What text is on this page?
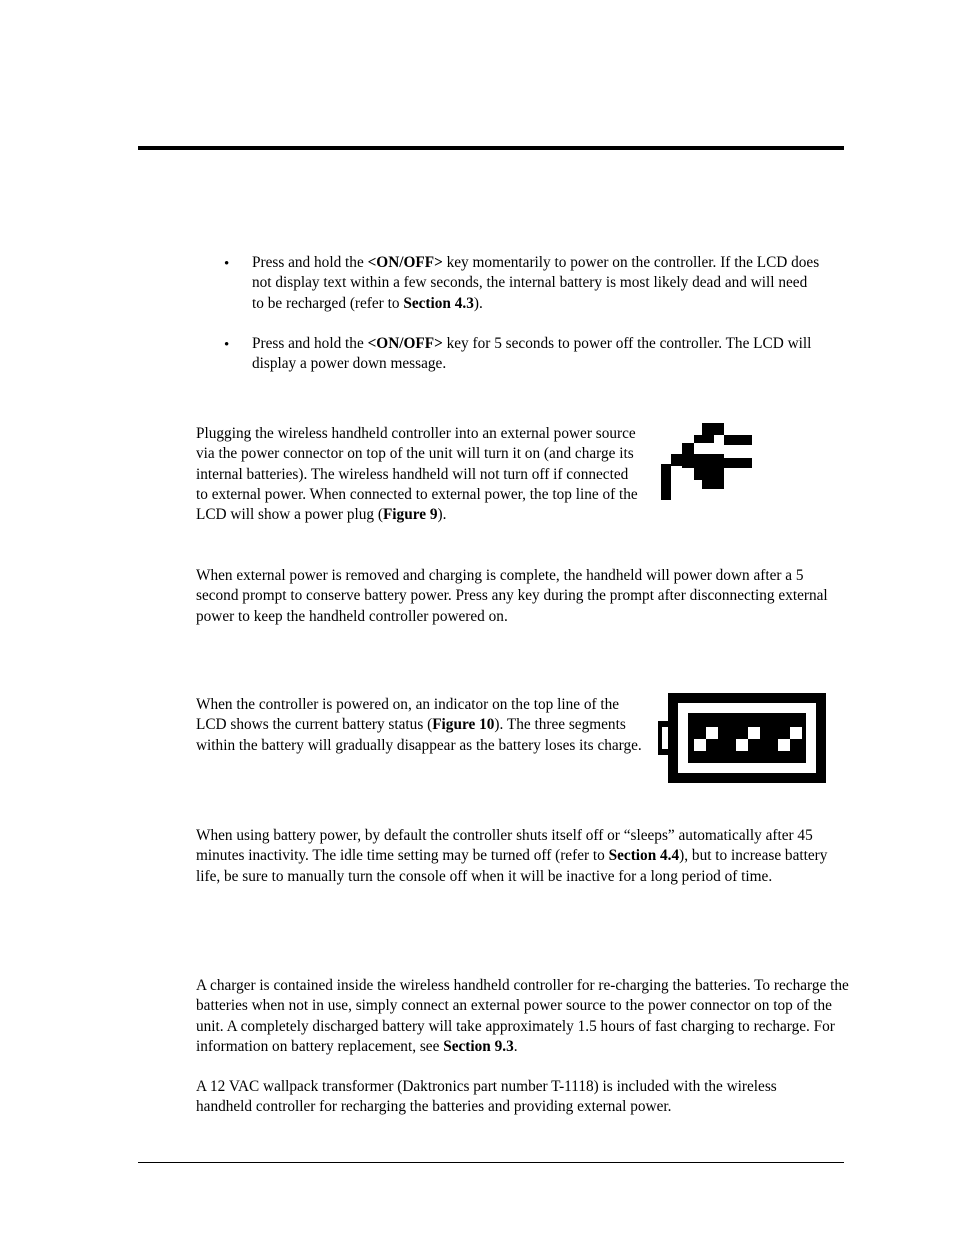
• Press and hold the <ON/OFF> key momentarily to power on the controller. If the LCD does not display text within a few seconds, the internal battery is most likely dead and will need to be recharged (refer to Section 4.3).

• Press and hold the <ON/OFF> key for 5 seconds to power off the controller. The LCD will display a power down message.

Plugging the wireless handheld controller into an external power source via the power connector on top of the unit will turn it on (and charge its internal batteries). The wireless handheld will not turn off if connected to external power. When connected to external power, the top line of the LCD will show a power plug (Figure 9).

When external power is removed and charging is complete, the handheld will power down after a 5 second prompt to conserve battery power. Press any key during the prompt after disconnecting external power to keep the handheld controller powered on.

When the controller is powered on, an indicator on the top line of the LCD shows the current battery status (Figure 10). The three segments within the battery will gradually disappear as the battery loses its charge.

When using battery power, by default the controller shuts itself off or “sleeps” automatically after 45 minutes inactivity. The idle time setting may be turned off (refer to Section 4.4), but to increase battery life, be sure to manually turn the console off when it will be inactive for a long period of time.

A charger is contained inside the wireless handheld controller for re-charging the batteries. To recharge the batteries when not in use, simply connect an external power source to the power connector on top of the unit. A completely discharged battery will take approximately 1.5 hours of fast charging to recharge. For information on battery replacement, see Section 9.3.

A 12 VAC wallpack transformer (Daktronics part number T-1118) is included with the wireless handheld controller for recharging the batteries and providing external power.
